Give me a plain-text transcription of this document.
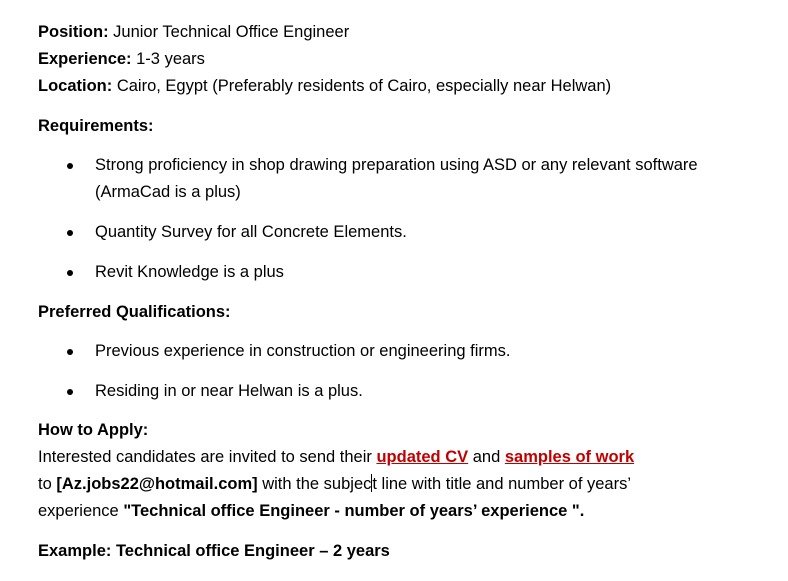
Position: Junior Technical Office Engineer

Experience: 1-3 years

Location: Cairo, Egypt (Preferably residents of Cairo, especially near Helwan)

Requirements:

Strong proficiency in shop drawing preparation using ASD or any relevant software (ArmaCad is a plus)
Quantity Survey for all Concrete Elements.
Revit Knowledge is a plus

Preferred Qualifications:

Previous experience in construction or engineering firms.
Residing in or near Helwan is a plus.

How to Apply:

Interested candidates are invited to send their updated CV and samples of work

to [Az.jobs22@hotmail.com] with the subject line with title and number of years’

experience "Technical office Engineer - number of years’ experience ".

Example: Technical office Engineer – 2 years
